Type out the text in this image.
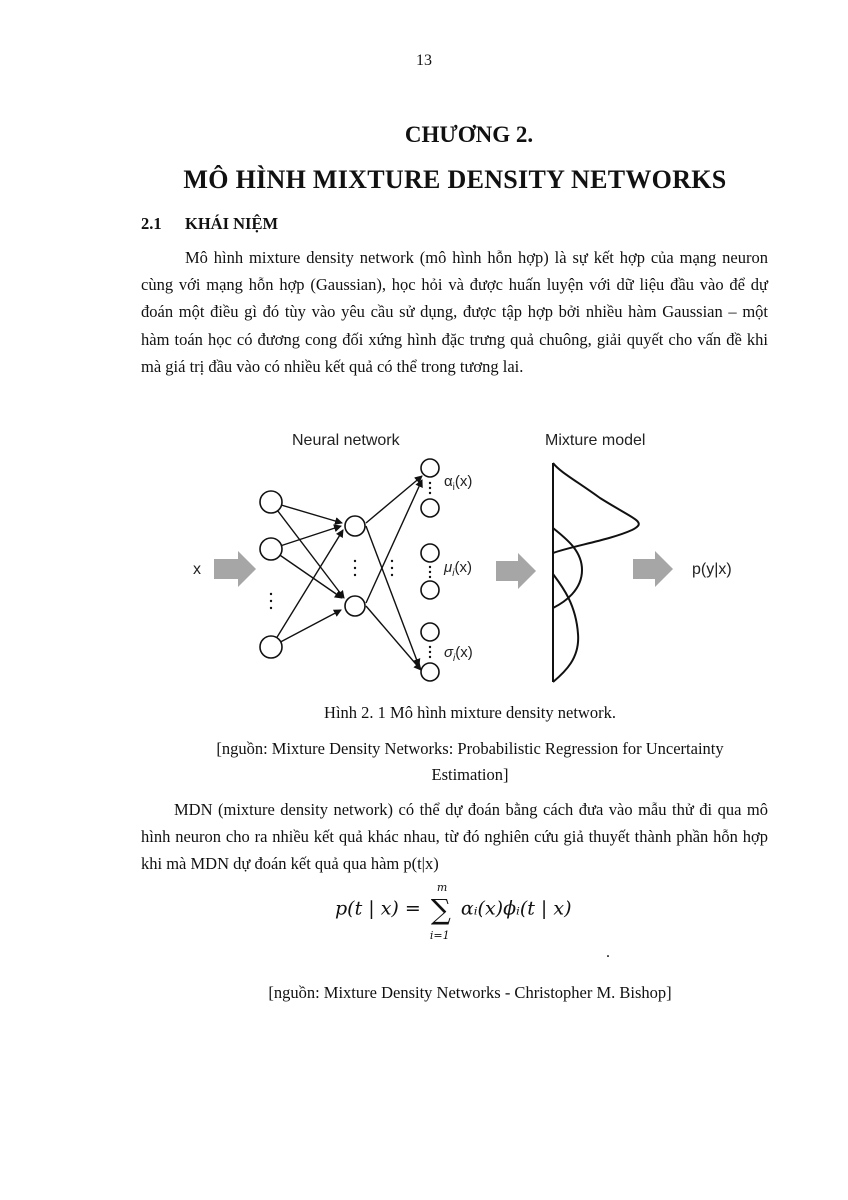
13
CHƯƠNG 2.
MÔ HÌNH MIXTURE DENSITY NETWORKS
2.1 KHÁI NIỆM
Mô hình mixture density network (mô hình hỗn hợp) là sự kết hợp của mạng neuron cùng với mạng hỗn hợp (Gaussian), học hỏi và được huấn luyện với dữ liệu đầu vào để dự đoán một điều gì đó tùy vào yêu cầu sử dụng, được tập hợp bởi nhiều hàm Gaussian – một hàm toán học có đương cong đối xứng hình đặc trưng quả chuông, giải quyết cho vấn đề khi mà giá trị đầu vào có nhiều kết quả có thể trong tương lai.
Neural network	Mixture model
x
$\alpha_i(x)$
$\mu_i(x)$
$\sigma_i(x)$
p(y|x)
Hình 2. 1 Mô hình mixture density network.
[nguồn: Mixture Density Networks: Probabilistic Regression for Uncertainty Estimation]
MDN (mixture density network) có thể dự đoán bằng cách đưa vào mẫu thử đi qua mô hình neuron cho ra nhiều kết quả khác nhau, từ đó nghiên cứu giả thuyết thành phần hỗn hợp khi mà MDN dự đoán kết quả qua hàm p(t|x)
p(t | x) = ∑
m
i=1
αᵢ(x)ϕᵢ(t | x)
.
[nguồn: Mixture Density Networks - Christopher M. Bishop]
